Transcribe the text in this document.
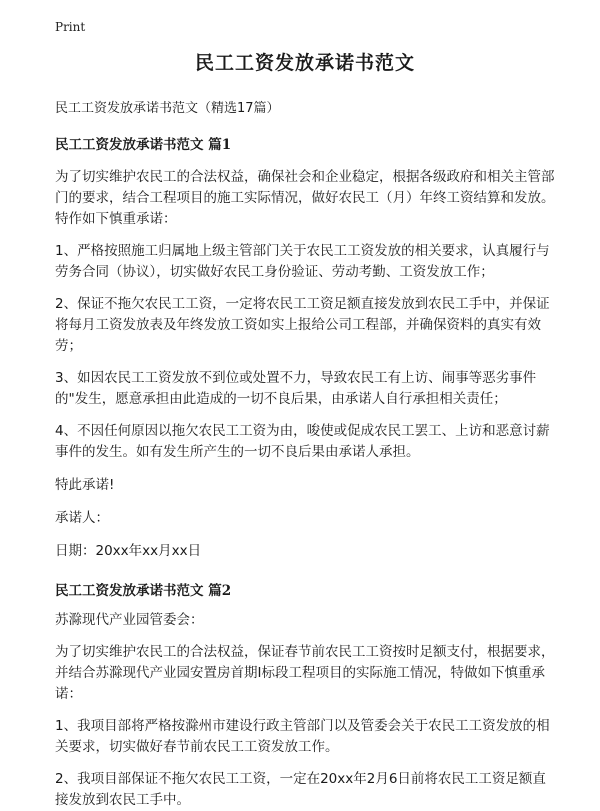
Print
民工工资发放承诺书范文

民工工资发放承诺书范文（精选17篇）

民工工资发放承诺书范文 篇1

为了切实维护农民工的合法权益，确保社会和企业稳定，根据各级政府和相关主管部门的要求，结合工程项目的施工实际情况，做好农民工（月）年终工资结算和发放。特作如下慎重承诺：

1、严格按照施工归属地上级主管部门关于农民工工资发放的相关要求，认真履行与劳务合同（协议），切实做好农民工身份验证、劳动考勤、工资发放工作；

2、保证不拖欠农民工工资，一定将农民工工资足额直接发放到农民工手中，并保证将每月工资发放表及年终发放工资如实上报给公司工程部，并确保资料的真实有效劳；

3、如因农民工工资发放不到位或处置不力，导致农民工有上访、闹事等恶劣事件的"发生，愿意承担由此造成的一切不良后果，由承诺人自行承担相关责任；

4、不因任何原因以拖欠农民工工资为由，唆使或促成农民工罢工、上访和恶意讨薪事件的发生。如有发生所产生的一切不良后果由承诺人承担。

特此承诺!

承诺人：

日期：20xx年xx月xx日

民工工资发放承诺书范文 篇2

苏滁现代产业园管委会：

为了切实维护农民工的合法权益，保证春节前农民工工资按时足额支付，根据要求，并结合苏滁现代产业园安置房首期I标段工程项目的实际施工情况，特做如下慎重承诺：

1、我项目部将严格按滁州市建设行政主管部门以及管委会关于农民工工资发放的相关要求，切实做好春节前农民工工资发放工作。

2、我项目部保证不拖欠农民工工资，一定在20xx年2月6日前将农民工工资足额直接发放到农民工手中。
